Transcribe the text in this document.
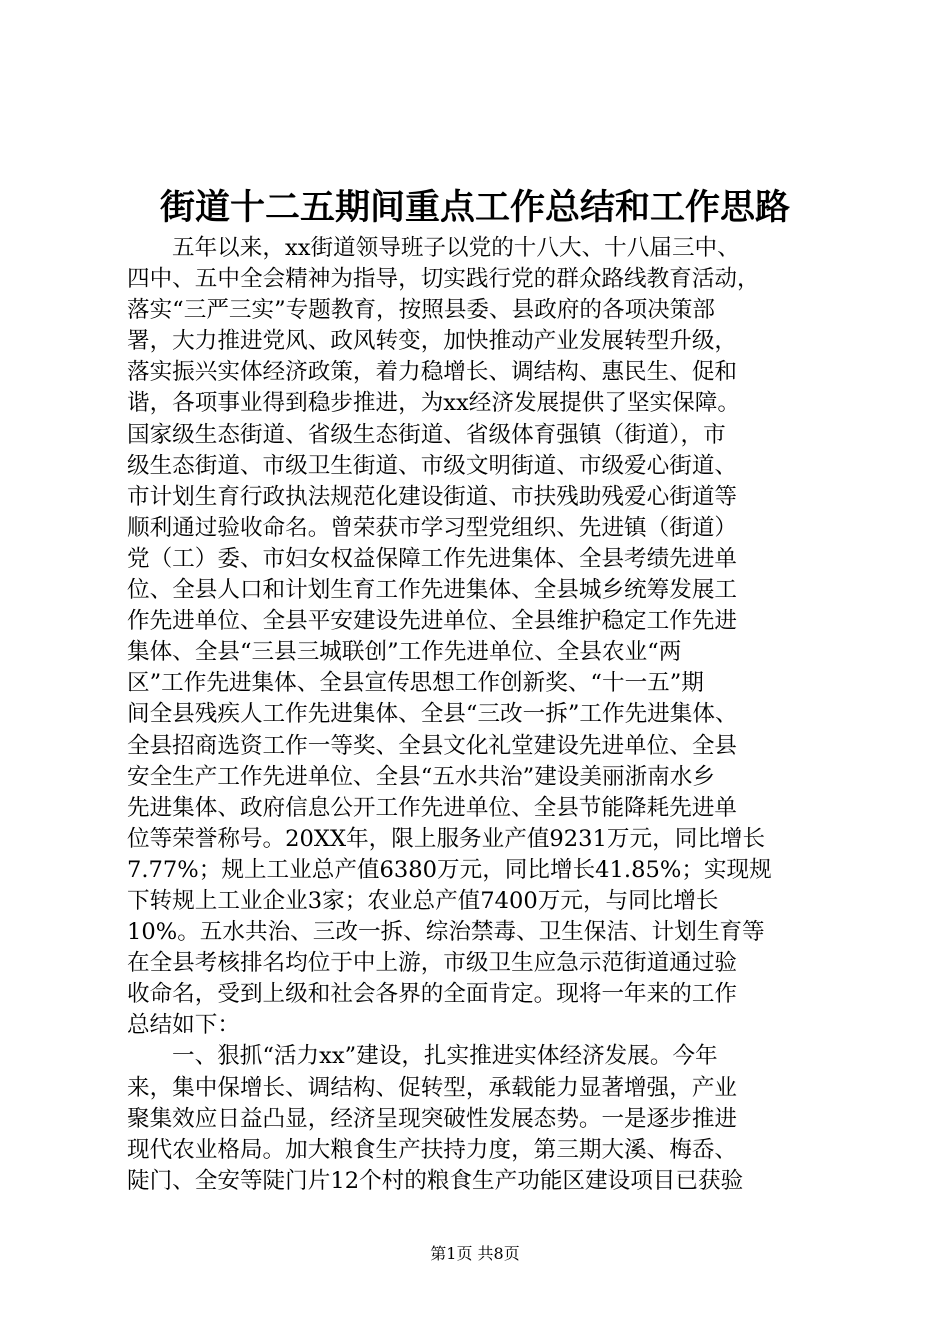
街道十二五期间重点工作总结和工作思路
五年以来，xx街道领导班子以党的十八大、十八届三中、
四中、五中全会精神为指导，切实践行党的群众路线教育活动，
落实“三严三实”专题教育，按照县委、县政府的各项决策部
署，大力推进党风、政风转变，加快推动产业发展转型升级，
落实振兴实体经济政策，着力稳增长、调结构、惠民生、促和
谐，各项事业得到稳步推进，为xx经济发展提供了坚实保障。
国家级生态街道、省级生态街道、省级体育强镇（街道），市
级生态街道、市级卫生街道、市级文明街道、市级爱心街道、
市计划生育行政执法规范化建设街道、市扶残助残爱心街道等
顺利通过验收命名。曾荣获市学习型党组织、先进镇（街道）
党（工）委、市妇女权益保障工作先进集体、全县考绩先进单
位、全县人口和计划生育工作先进集体、全县城乡统筹发展工
作先进单位、全县平安建设先进单位、全县维护稳定工作先进
集体、全县“三县三城联创”工作先进单位、全县农业“两
区”工作先进集体、全县宣传思想工作创新奖、“十一五”期
间全县残疾人工作先进集体、全县“三改一拆”工作先进集体、
全县招商选资工作一等奖、全县文化礼堂建设先进单位、全县
安全生产工作先进单位、全县“五水共治”建设美丽浙南水乡
先进集体、政府信息公开工作先进单位、全县节能降耗先进单
位等荣誉称号。20XX年，限上服务业产值9231万元，同比增长
7.77%；规上工业总产值6380万元，同比增长41.85%；实现规
下转规上工业企业3家；农业总产值7400万元，与同比增长
10%。五水共治、三改一拆、综治禁毒、卫生保洁、计划生育等
在全县考核排名均位于中上游，市级卫生应急示范街道通过验
收命名，受到上级和社会各界的全面肯定。现将一年来的工作
总结如下：
一、狠抓“活力xx”建设，扎实推进实体经济发展。今年
来，集中保增长、调结构、促转型，承载能力显著增强，产业
聚集效应日益凸显，经济呈现突破性发展态势。一是逐步推进
现代农业格局。加大粮食生产扶持力度，第三期大溪、梅岙、
陡门、全安等陡门片12个村的粮食生产功能区建设项目已获验
第1页 共8页
